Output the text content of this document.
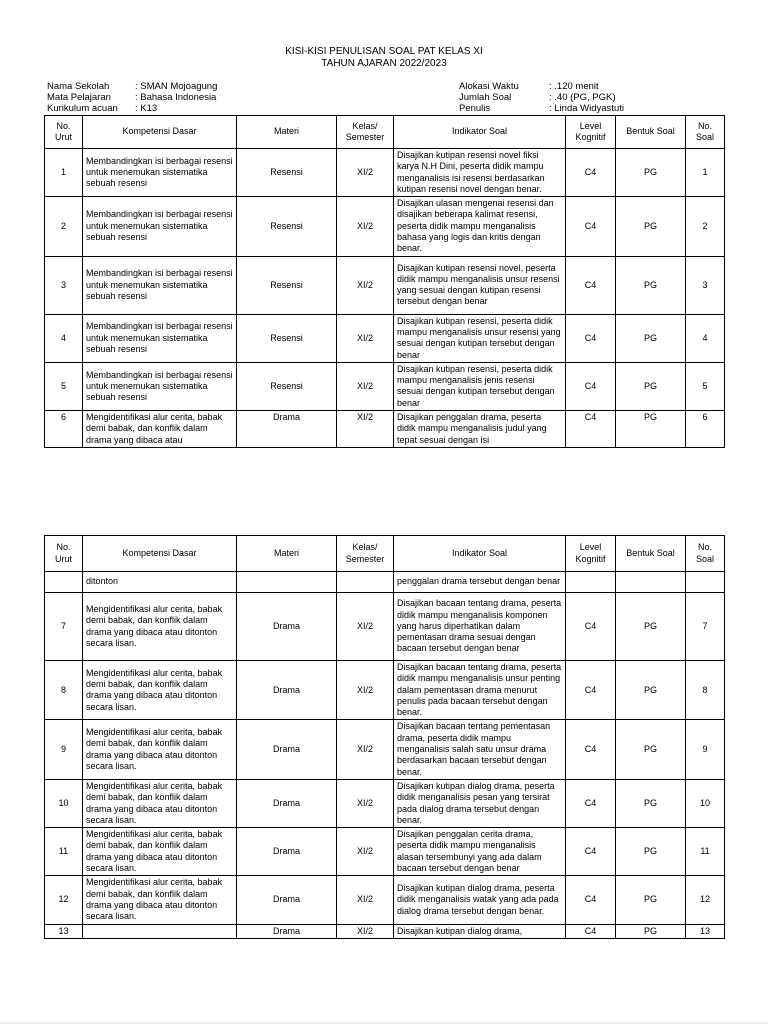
KISI-KISI PENULISAN SOAL PAT KELAS XI
TAHUN AJARAN 2022/2023
Nama Sekolah	: SMAN Mojoagung
Mata Pelajaran	: Bahasa Indonesia
Kurikulum acuan	: K13
Alokasi Waktu	: .120 menit
Jumlah Soal	: .40 (PG, PGK)
Penulis	: Linda Widyastuti
No. Urut	Kompetensi Dasar	Materi	Kelas/ Semester	Indikator Soal	Level Kognitif	Bentuk Soal	No. Soal
1	Membandingkan isi berbagai resensi untuk menemukan sistematika sebuah resensi	Resensi	XI/2	Disajikan kutipan resensi novel fiksi karya N.H Dini, peserta didik mampu menganalisis isi resensi berdasarkan kutipan resensi novel dengan benar.	C4	PG	1
2	Membandingkan isi berbagai resensi untuk menemukan sistematika sebuah resensi	Resensi	XI/2	Disajikan ulasan mengenai resensi dan disajikan beberapa kalimat resensi, peserta didik mampu menganalisis bahasa yang logis dan kritis dengan benar.	C4	PG	2
3	Membandingkan isi berbagai resensi untuk menemukan sistematika sebuah resensi	Resensi	XI/2	Disajikan kutipan resensi novel, peserta didik mampu menganalisis unsur resensi yang sesuai dengan kutipan resensi tersebut dengan benar	C4	PG	3
4	Membandingkan isi berbagai resensi untuk menemukan sistematika sebuah resensi	Resensi	XI/2	Disajikan kutipan resensi, peserta didik mampu menganalisis unsur resensi yang sesuai dengan kutipan tersebut dengan benar	C4	PG	4
5	Membandingkan isi berbagai resensi untuk menemukan sistematika sebuah resensi	Resensi	XI/2	Disajikan kutipan resensi, peserta didik mampu menganalisis jenis resensi sesuai dengan kutipan tersebut dengan benar	C4	PG	5
6	Mengidentifikasi alur cerita, babak demi babak, dan konflik dalam drama yang dibaca atau	Drama	XI/2	Disajikan penggalan drama, peserta didik mampu menganalisis judul yang tepat sesuai dengan isi	C4	PG	6
No. Urut	Kompetensi Dasar	Materi	Kelas/ Semester	Indikator Soal	Level Kognitif	Bentuk Soal	No. Soal
	ditonton			penggalan drama tersebut dengan benar			
7	Mengidentifikasi alur cerita, babak demi babak, dan konflik dalam drama yang dibaca atau ditonton secara lisan.	Drama	XI/2	Disajikan bacaan tentang drama, peserta didik mampu menganalisis komponen yang harus diperhatikan dalam pementasan drama sesuai dengan bacaan tersebut dengan benar	C4	PG	7
8	Mengidentifikasi alur cerita, babak demi babak, dan konflik dalam drama yang dibaca atau ditonton secara lisan.	Drama	XI/2	Disajikan bacaan tentang drama, peserta didik mampu menganalisis unsur penting dalam pementasan drama menurut penulis pada bacaan tersebut dengan benar.	C4	PG	8
9	Mengidentifikasi alur cerita, babak demi babak, dan konflik dalam drama yang dibaca atau ditonton secara lisan.	Drama	XI/2	Disajikan bacaan tentang pementasan drama, peserta didik mampu menganalisis salah satu unsur drama berdasarkan bacaan tersebut dengan benar.	C4	PG	9
10	Mengidentifikasi alur cerita, babak demi babak, dan konflik dalam drama yang dibaca atau ditonton secara lisan.	Drama	XI/2	Disajikan kutipan dialog drama, peserta didik menganalisis pesan yang tersirat pada dialog drama tersebut dengan benar.	C4	PG	10
11	Mengidentifikasi alur cerita, babak demi babak, dan konflik dalam drama yang dibaca atau ditonton secara lisan.	Drama	XI/2	Disajikan penggalan cerita drama, peserta didik mampu menganalisis alasan tersembunyi yang ada dalam bacaan tersebut dengan benar	C4	PG	11
12	Mengidentifikasi alur cerita, babak demi babak, dan konflik dalam drama yang dibaca atau ditonton secara lisan.	Drama	XI/2	Disajikan kutipan dialog drama, peserta didik menganalisis watak yang ada pada dialog drama tersebut dengan benar.	C4	PG	12
13		Drama	XI/2	Disajikan kutipan dialog drama,	C4	PG	13
